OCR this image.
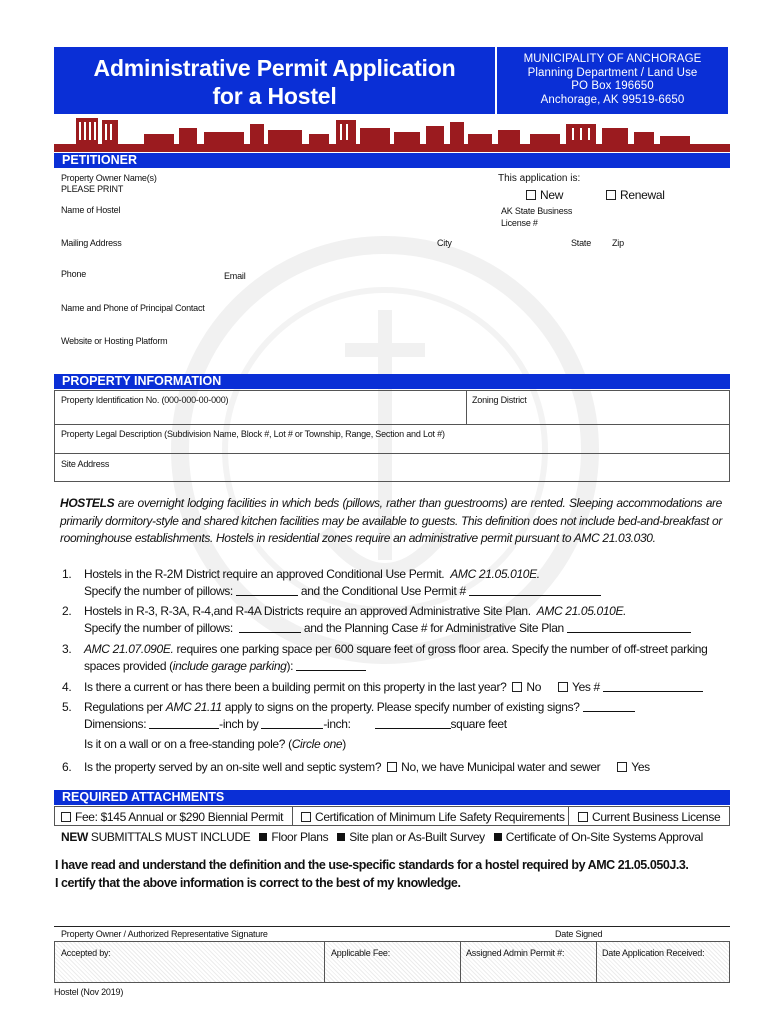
Administrative Permit Application
for a Hostel
MUNICIPALITY OF ANCHORAGE
Planning Department / Land Use
PO Box 196650
Anchorage, AK 99519-6650
PETITIONER
Property Owner Name(s)
PLEASE PRINT
This application is:
New	Renewal
Name of Hostel	AK State Business
License #
Mailing Address	City	State Zip
Phone	Email
Name and Phone of Principal Contact
Website or Hosting Platform
PROPERTY INFORMATION
Property Identification No. (000-000-00-000)	Zoning District
Property Legal Description (Subdivision Name, Block #, Lot # or Township, Range, Section and Lot #)
Site Address
HOSTELS are overnight lodging facilities in which beds (pillows, rather than guestrooms) are rented. Sleeping accommodations are primarily dormitory-style and shared kitchen facilities may be available to guests. This definition does not include bed-and-breakfast or roominghouse establishments. Hostels in residential zones require an administrative permit pursuant to AMC 21.03.030.
1.	Hostels in the R-2M District require an approved Conditional Use Permit. AMC 21.05.010E.
Specify the number of pillows:	and the Conditional Use Permit #
2.	Hostels in R-3, R-3A, R-4,and R-4A Districts require an approved Administrative Site Plan. AMC 21.05.010E.
Specify the number of pillows:	and the Planning Case # for Administrative Site Plan
3.	AMC 21.07.090E. requires one parking space per 600 square feet of gross floor area. Specify the number of off-street parking spaces provided (include garage parking):
4.	Is there a current or has there been a building permit on this property in the last year? No	Yes #
5.	Regulations per AMC 21.11 apply to signs on the property. Please specify number of existing signs?
Dimensions:	-inch by	-inch:	square feet
Is it on a wall or on a free-standing pole? (Circle one)
6.	Is the property served by an on-site well and septic system? No, we have Municipal water and sewer	Yes
REQUIRED ATTACHMENTS
Fee: $145 Annual or $290 Biennial Permit	Certification of Minimum Life Safety Requirements	Current Business License
NEW SUBMITTALS MUST INCLUDE Floor Plans Site plan or As-Built Survey Certificate of On-Site Systems Approval
I have read and understand the definition and the use-specific standards for a hostel required by AMC 21.05.050J.3.
I certify that the above information is correct to the best of my knowledge.
Property Owner / Authorized Representative Signature	Date Signed
Accepted by:	Applicable Fee:	Assigned Admin Permit #:	Date Application Received:
Hostel (Nov 2019)
